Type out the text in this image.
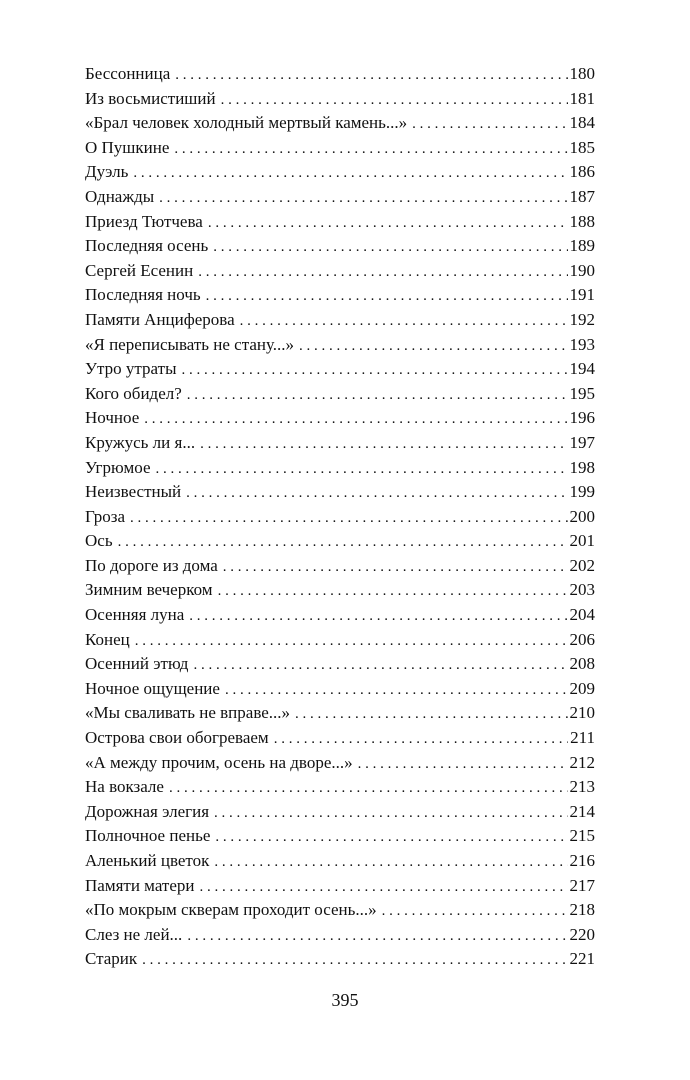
Бессонница . . .	180
Из восьмистиший . . .	181
«Брал человек холодный мертвый камень...» . . .	184
О Пушкине . . .	185
Дуэль . . .	186
Однажды . . .	187
Приезд Тютчева . . .	188
Последняя осень . . .	189
Сергей Есенин . . .	190
Последняя ночь . . .	191
Памяти Анциферова . . .	192
«Я переписывать не стану...» . . .	193
Утро утраты . . .	194
Кого обидел? . . .	195
Ночное . . .	196
Кружусь ли я... . . .	197
Угрюмое . . .	198
Неизвестный . . .	199
Гроза . . .	200
Ось . . .	201
По дороге из дома . . .	202
Зимним вечерком . . .	203
Осенняя луна . . .	204
Конец . . .	206
Осенний этюд . . .	208
Ночное ощущение . . .	209
«Мы сваливать не вправе...» . . .	210
Острова свои обогреваем . . .	211
«А между прочим, осень на дворе...» . . .	212
На вокзале . . .	213
Дорожная элегия . . .	214
Полночное пенье . . .	215
Аленький цветок . . .	216
Памяти матери . . .	217
«По мокрым скверам проходит осень...» . . .	218
Слез не лей... . . .	220
Старик . . .	221
395
